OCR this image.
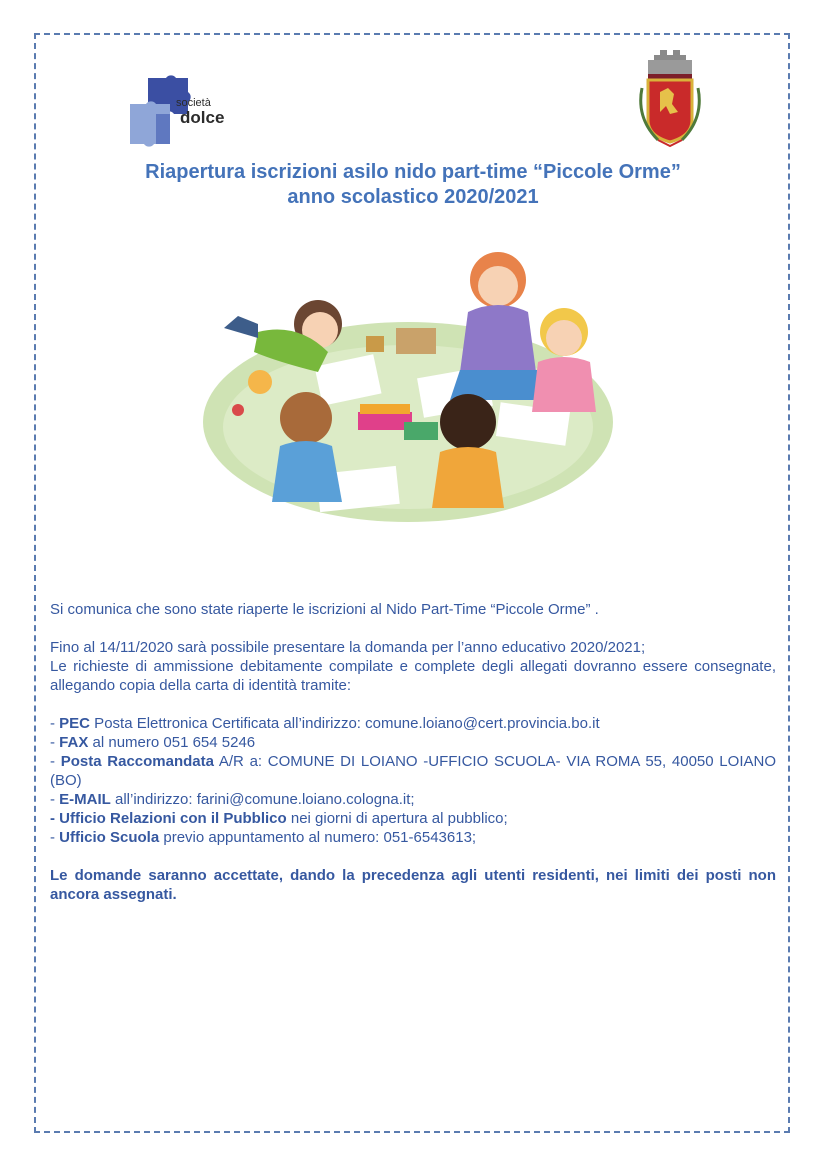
società
dolce
Riapertura iscrizioni asilo nido part-time “Piccole Orme”
anno scolastico 2020/2021

Si comunica che sono state riaperte le iscrizioni al Nido Part-Time “Piccole Orme” .

Fino al 14/11/2020 sarà possibile presentare la domanda per l’anno educativo 2020/2021;

Le richieste di ammissione debitamente compilate e complete degli allegati dovranno essere consegnate, allegando copia della carta di identità tramite:

- PEC Posta Elettronica Certificata all’indirizzo: comune.loiano@cert.provincia.bo.it

- FAX al numero 051 654 5246

- Posta Raccomandata A/R a: COMUNE DI LOIANO -UFFICIO SCUOLA- VIA ROMA 55, 40050 LOIANO (BO)

- E-MAIL all’indirizzo: farini@comune.loiano.cologna.it;

- Ufficio Relazioni con il Pubblico nei giorni di apertura al pubblico;

- Ufficio Scuola previo appuntamento al numero: 051-6543613;

Le domande saranno accettate, dando la precedenza agli utenti residenti, nei limiti dei posti non ancora assegnati.
